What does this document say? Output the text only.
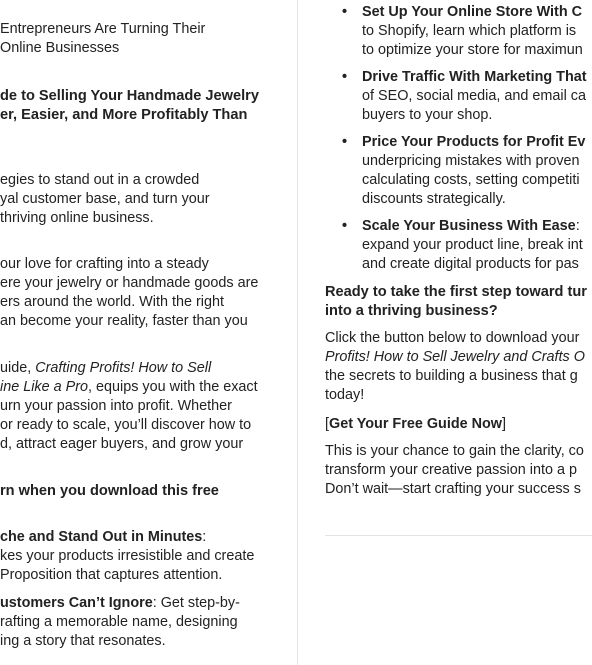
Entrepreneurs Are Turning Their

Online Businesses

de to Selling Your Handmade Jewelry

er, Easier, and More Profitably Than

egies to stand out in a crowded

yal customer base, and turn your

thriving online business.

our love for crafting into a steady

ere your jewelry or handmade goods are

ers around the world. With the right

an become your reality, faster than you

uide, Crafting Profits! How to Sell

ine Like a Pro, equips you with the exact

urn your passion into profit. Whether

or ready to scale, you’ll discover how to

d, attract eager buyers, and grow your

rn when you download this free

che and Stand Out in Minutes:

kes your products irresistible and create

Proposition that captures attention.

ustomers Can’t Ignore: Get step-by-

rafting a memorable name, designing

ing a story that resonates.

• Set Up Your Online Store With C

to Shopify, learn which platform is

to optimize your store for maximun

• Drive Traffic With Marketing That

of SEO, social media, and email ca

buyers to your shop.

• Price Your Products for Profit Ev

underpricing mistakes with proven

calculating costs, setting competiti

discounts strategically.

• Scale Your Business With Ease:

expand your product line, break int

and create digital products for pas

Ready to take the first step toward tur

into a thriving business?

Click the button below to download your

Profits! How to Sell Jewelry and Crafts O

the secrets to building a business that g

today!

[Get Your Free Guide Now]

This is your chance to gain the clarity, co

transform your creative passion into a p

Don’t wait—start crafting your success s
